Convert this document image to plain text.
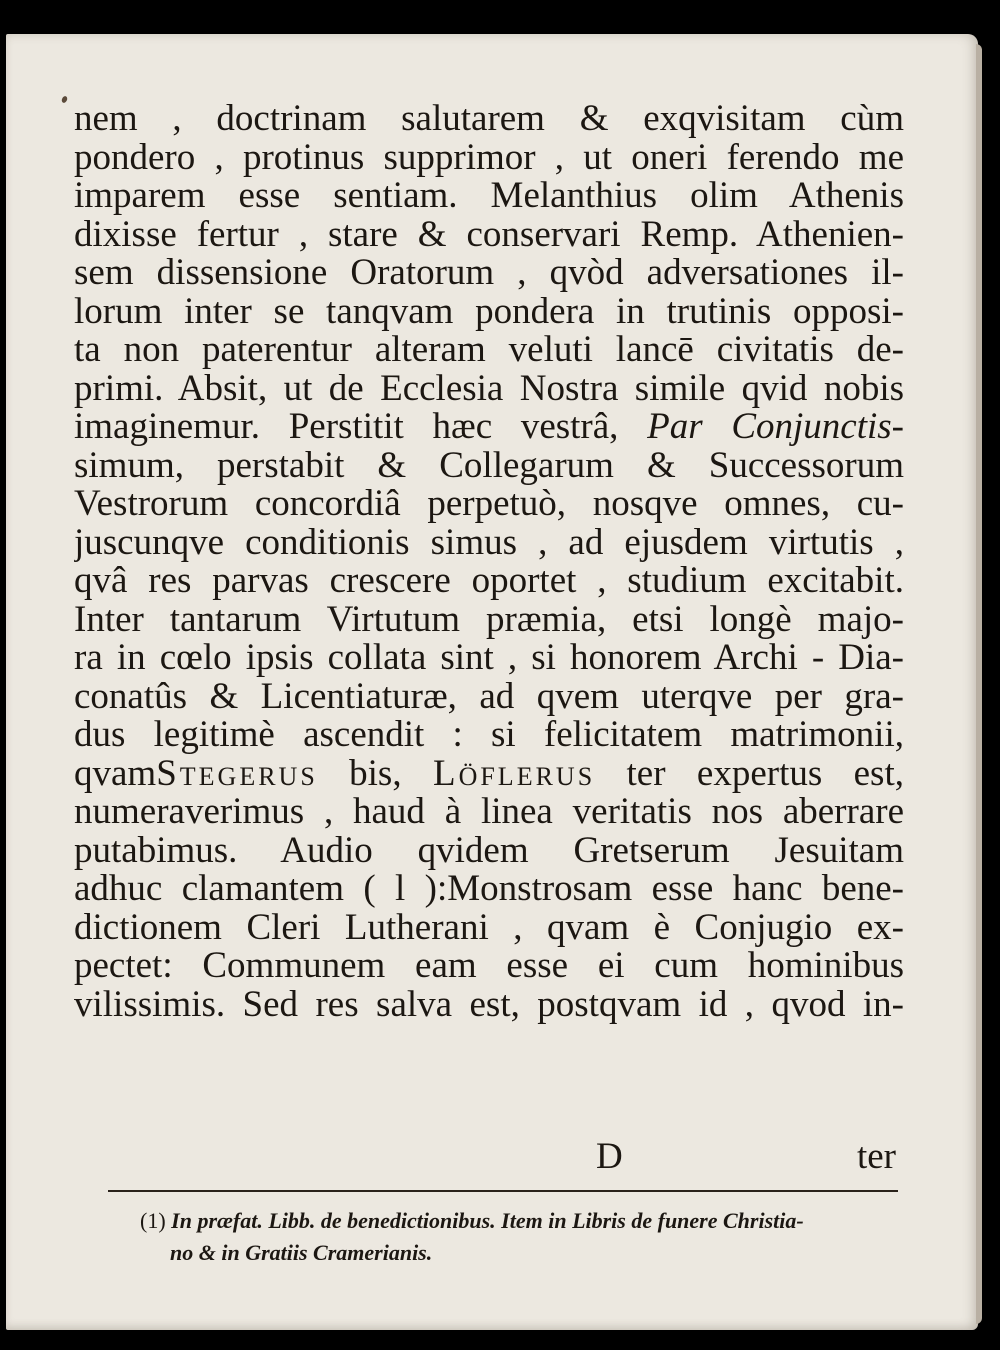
nem , doctrinam salutarem & exqvisitam cùm
pondero , protinus supprimor , ut oneri ferendo me
imparem esse sentiam. Melanthius olim Athenis
dixisse fertur , stare & conservari Remp. Athenien-
sem dissensione Oratorum , qvòd adversationes il-
lorum inter se tanqvam pondera in trutinis opposi-
ta non paterentur alteram veluti lancē civitatis de-
primi. Absit, ut de Ecclesia Nostra simile qvid nobis
imaginemur. Perstitit hæc vestrâ, Par Conjunctis-
simum, perstabit & Collegarum & Successorum
Vestrorum concordiâ perpetuò, nosqve omnes, cu-
juscunqve conditionis simus , ad ejusdem virtutis ,
qvâ res parvas crescere oportet , studium excitabit.
Inter tantarum Virtutum præmia, etsi longè majo-
ra in cœlo ipsis collata sint , si honorem Archi - Dia-
conatûs & Licentiaturæ, ad qvem uterqve per gra-
dus legitimè ascendit : si felicitatem matrimonii,
qvamStegerus bis, Löflerus ter expertus est,
numeraverimus , haud à linea veritatis nos aberrare
putabimus. Audio qvidem Gretserum Jesuitam
adhuc clamantem ( l ):Monstrosam esse hanc bene-
dictionem Cleri Lutherani , qvam è Conjugio ex-
pectet: Communem eam esse ei cum hominibus
vilissimis. Sed res salva est, postqvam id , qvod in-
D	ter
(1) In præfat. Libb. de benedictionibus. Item in Libris de funere Christia-
no & in Gratiis Cramerianis.
